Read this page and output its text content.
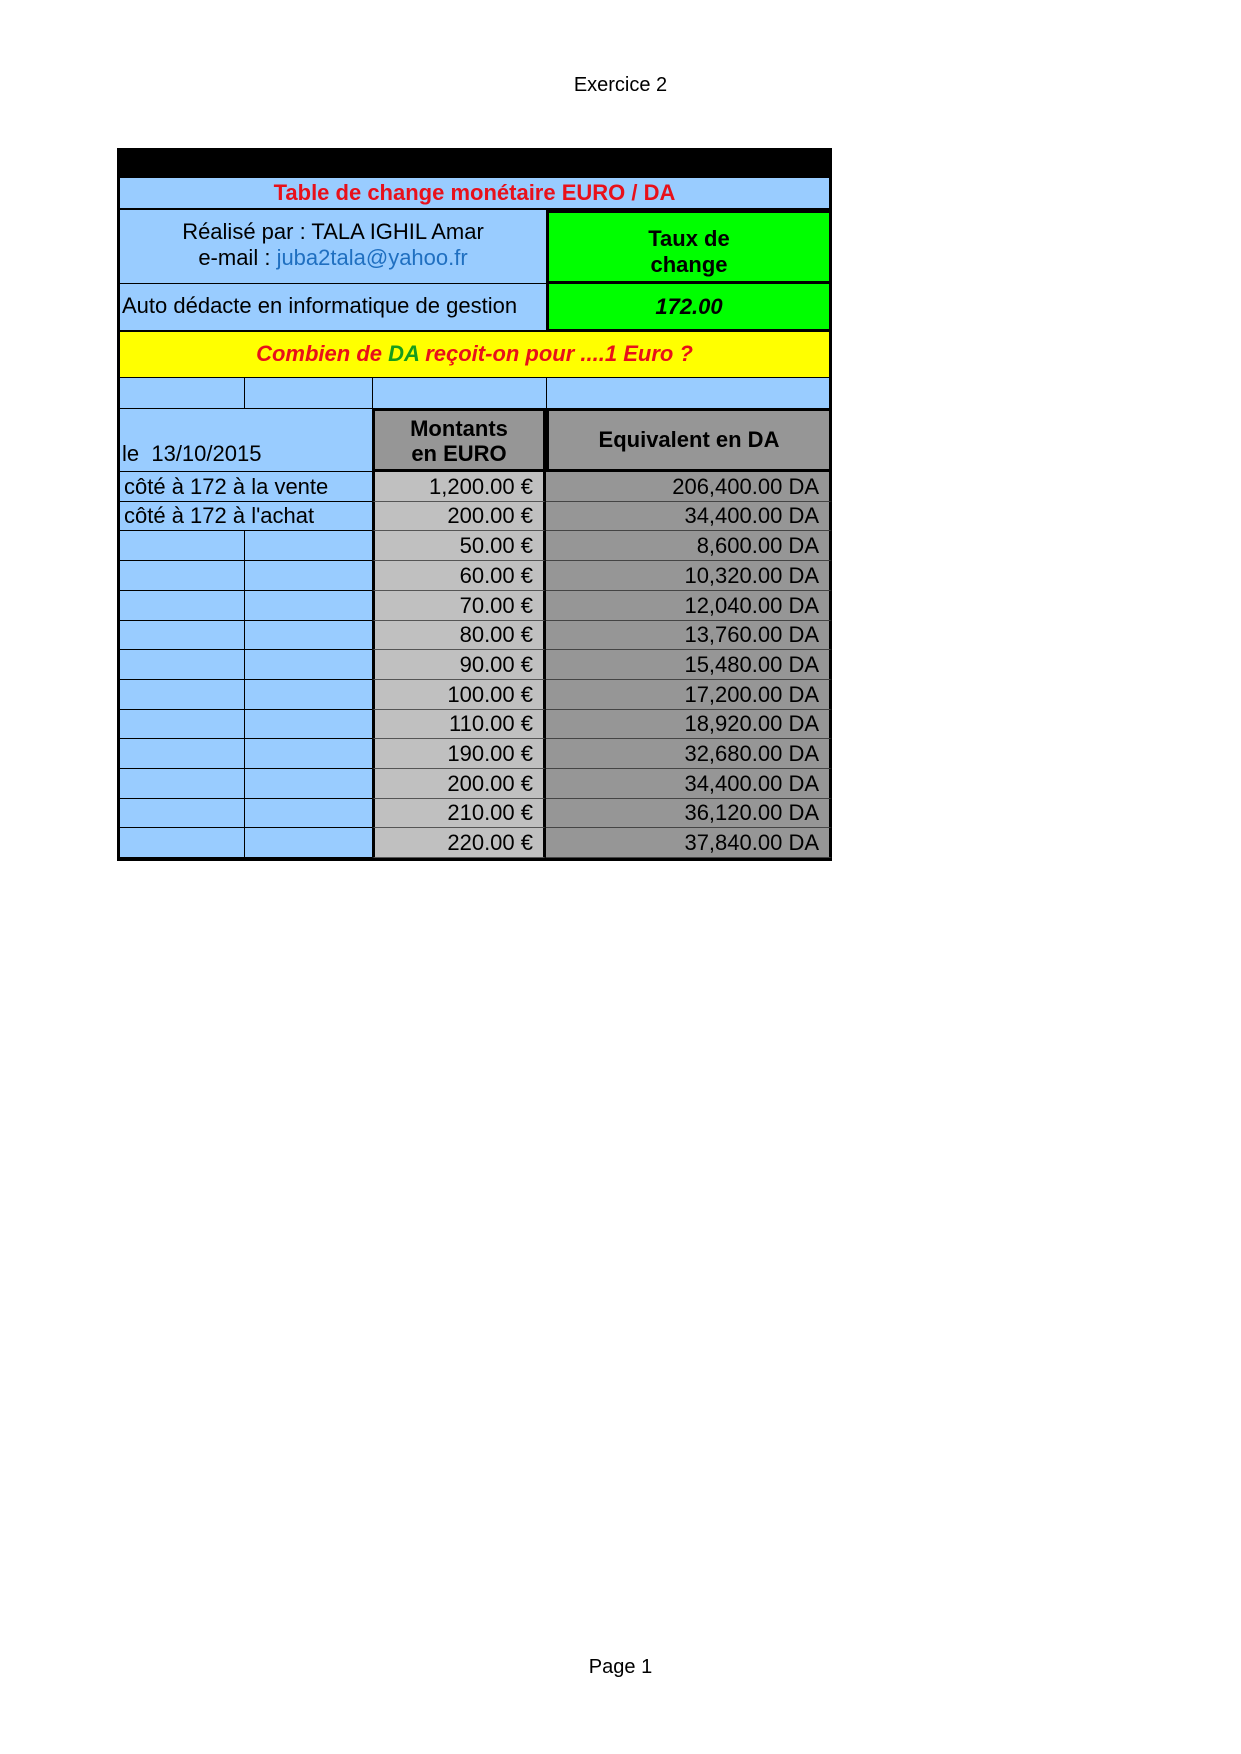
Exercice 2
Table de change monétaire EURO / DA
Réalisé par : TALA IGHIL Amar
e-mail : juba2tala@yahoo.fr
Taux de
change
Auto dédacte en informatique de gestion	172.00
Combien de DA reçoit-on pour ....1 Euro ?
le  13/10/2015
Montants
en EURO
Equivalent en DA
côté à 172 à la vente	1,200.00 €	206,400.00 DA
côté à 172 à l'achat	200.00 €	34,400.00 DA
50.00 €	8,600.00 DA
60.00 €	10,320.00 DA
70.00 €	12,040.00 DA
80.00 €	13,760.00 DA
90.00 €	15,480.00 DA
100.00 €	17,200.00 DA
110.00 €	18,920.00 DA
190.00 €	32,680.00 DA
200.00 €	34,400.00 DA
210.00 €	36,120.00 DA
220.00 €	37,840.00 DA
Page 1
